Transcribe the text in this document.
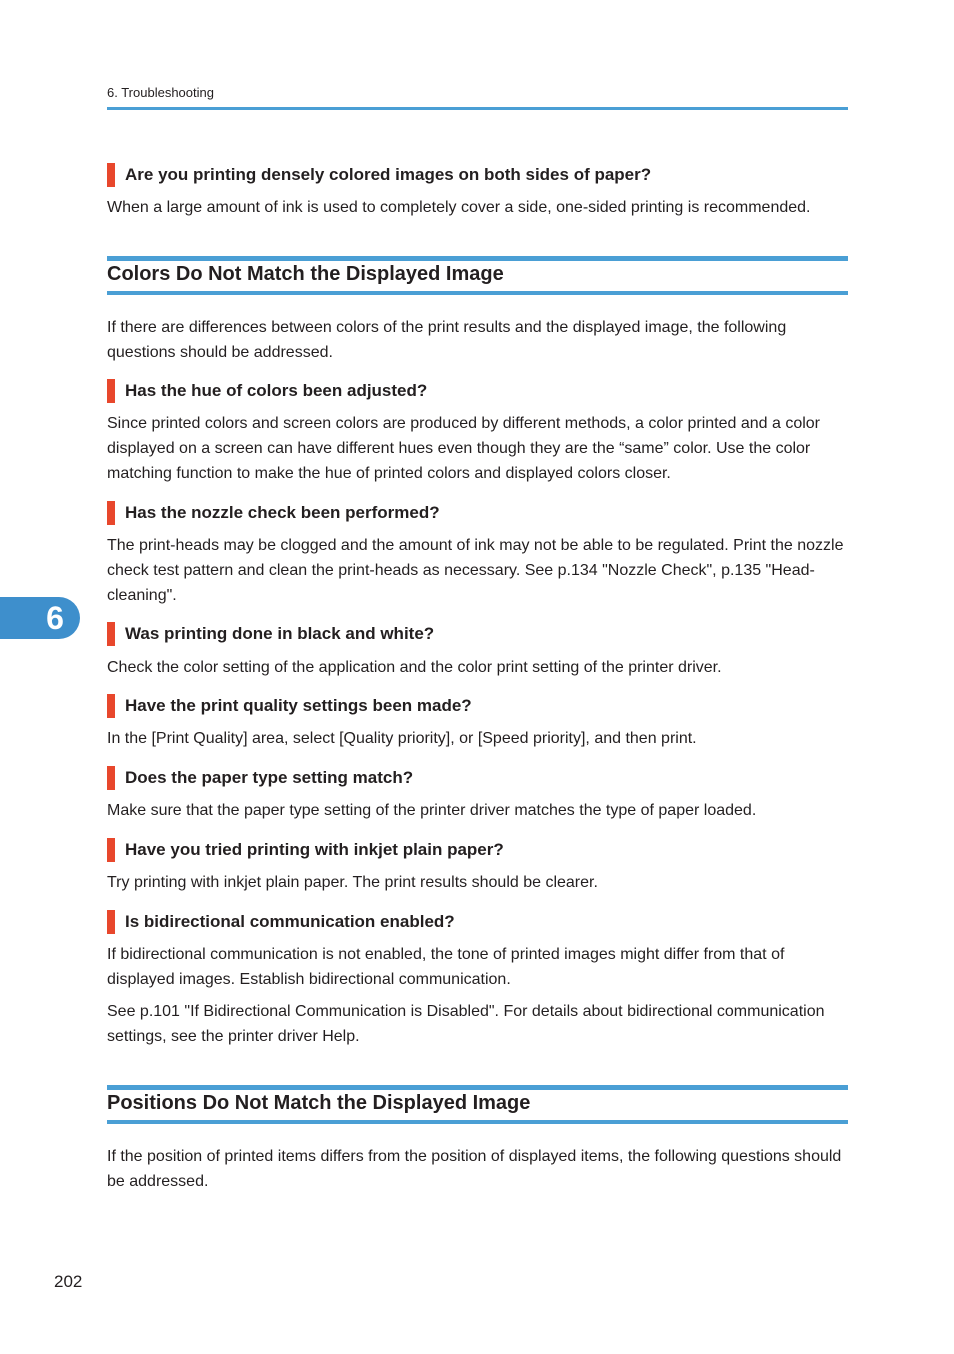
6. Troubleshooting
Are you printing densely colored images on both sides of paper?
When a large amount of ink is used to completely cover a side, one-sided printing is recommended.
Colors Do Not Match the Displayed Image
If there are differences between colors of the print results and the displayed image, the following questions should be addressed.
Has the hue of colors been adjusted?
Since printed colors and screen colors are produced by different methods, a color printed and a color displayed on a screen can have different hues even though they are the “same” color. Use the color matching function to make the hue of printed colors and displayed colors closer.
Has the nozzle check been performed?
The print-heads may be clogged and the amount of ink may not be able to be regulated. Print the nozzle check test pattern and clean the print-heads as necessary. See p.134 "Nozzle Check", p.135 "Head-cleaning".
Was printing done in black and white?
Check the color setting of the application and the color print setting of the printer driver.
Have the print quality settings been made?
In the [Print Quality] area, select [Quality priority], or [Speed priority], and then print.
Does the paper type setting match?
Make sure that the paper type setting of the printer driver matches the type of paper loaded.
Have you tried printing with inkjet plain paper?
Try printing with inkjet plain paper. The print results should be clearer.
Is bidirectional communication enabled?
If bidirectional communication is not enabled, the tone of printed images might differ from that of displayed images. Establish bidirectional communication.
See p.101 "If Bidirectional Communication is Disabled". For details about bidirectional communication settings, see the printer driver Help.
Positions Do Not Match the Displayed Image
If the position of printed items differs from the position of displayed items, the following questions should be addressed.
6
202
